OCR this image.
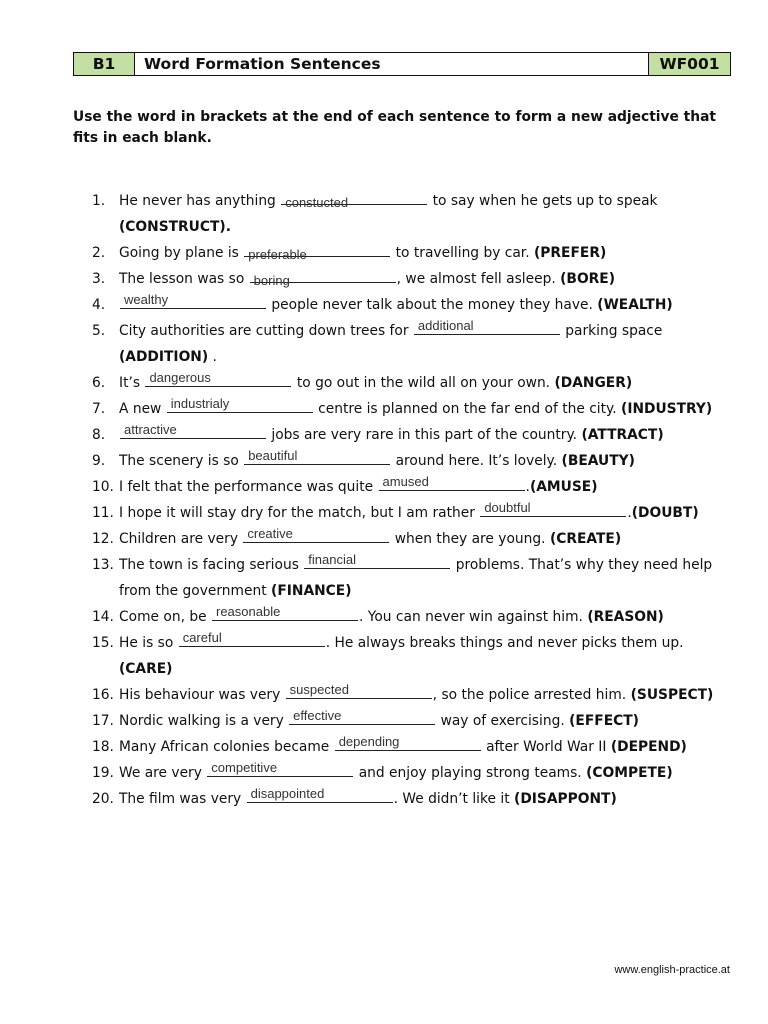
B1	Word Formation Sentences	WF001
Use the word in brackets at the end of each sentence to form a new adjective that fits in each blank.
1. He never has anything constucted	to say when he gets up to speak
(CONSTRUCT).
2. Going by plane is preferable	to travelling by car. (PREFER)
3. The lesson was so boring	, we almost fell asleep. (BORE)
4. wealthy	people never talk about the money they have. (WEALTH)
5. City authorities are cutting down trees for additional	parking space
(ADDITION) .
6. It’s dangerous	to go out in the wild all on your own. (DANGER)
7. A new industrialy	centre is planned on the far end of the city. (INDUSTRY)
8. attractive	jobs are very rare in this part of the country. (ATTRACT)
9. The scenery is so beautiful	around here. It’s lovely. (BEAUTY)
10. I felt that the performance was quite amused	.(AMUSE)
11. I hope it will stay dry for the match, but I am rather doubtful	.(DOUBT)
12. Children are very creative	when they are young. (CREATE)
13. The town is facing serious financial	problems. That’s why they need help
from the government (FINANCE)
14. Come on, be reasonable	. You can never win against him. (REASON)
15. He is so careful	. He always breaks things and never picks them up.
(CARE)
16. His behaviour was very suspected	, so the police arrested him. (SUSPECT)
17. Nordic walking is a very effective	way of exercising. (EFFECT)
18. Many African colonies became depending	after World War II (DEPEND)
19. We are very competitive	and enjoy playing strong teams. (COMPETE)
20. The film was very disappointed	. We didn’t like it (DISAPPONT)
www.english-practice.at
